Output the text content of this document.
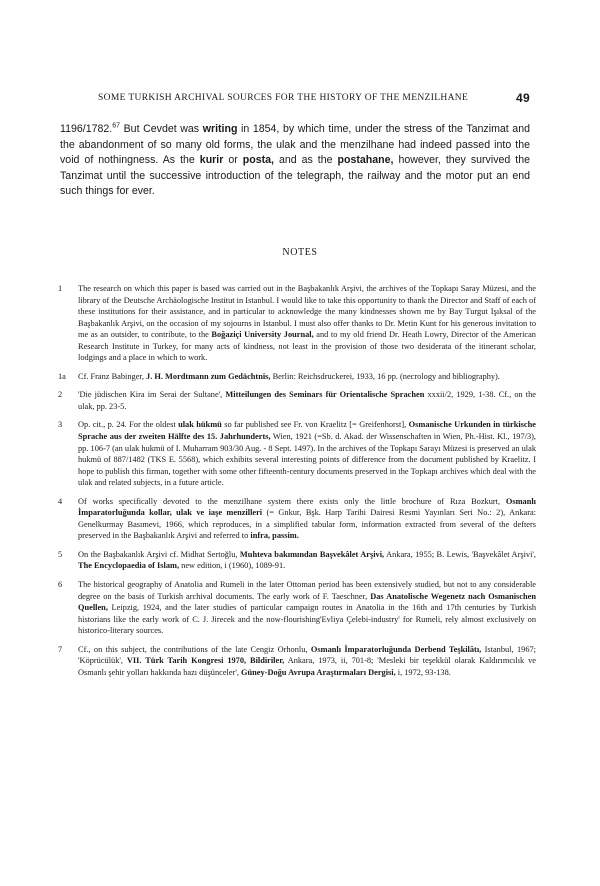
SOME TURKISH ARCHIVAL SOURCES FOR THE HISTORY OF THE MENZILHANE	49

1196/1782.67 But Cevdet was writing in 1854, by which time, under the stress of the Tanzimat and the abandonment of so many old forms, the ulak and the menzilhane had indeed passed into the void of nothingness. As the kurir or posta, and as the postahane, however, they survived the Tanzimat until the successive introduction of the telegraph, the railway and the motor put an end such things for ever.

NOTES
1	The research on which this paper is based was carried out in the Başbakanlık Arşivi, the archives of the Topkapı Saray Müzesi, and the library of the Deutsche Archäologische Institut in Istanbul. I would like to take this opportunity to thank the Director and Staff of each of these institutions for their assistance, and in particular to acknowledge the many kindnesses shown me by Bay Turgut Işıksal of the Başbakanlık Arşivi, on the occasion of my sojourns in Istanbul. I must also offer thanks to Dr. Metin Kunt for his generous invitation to me as an outsider, to contribute, to the Boğaziçi University Journal, and to my old friend Dr. Heath Lowry, Director of the American Research Institute in Turkey, for many acts of kindness, not least in the provision of those two desiderata of the itinerant scholar, lodgings and a place in which to work.
1a	Cf. Franz Babinger, J. H. Mordtmann zum Gedächtnis, Berlin: Reichsdruckerei, 1933, 16 pp. (necrology and bibliography).
2	'Die jüdischen Kira im Serai der Sultane', Mitteilungen des Seminars für Orientalische Sprachen xxxii/2, 1929, 1-38. Cf., on the ulak, pp. 23-5.
3	Op. cit., p. 24. For the oldest ulak hükmü so far published see Fr. von Kraelitz [= Greifenhorst], Osmanische Urkunden in türkische Sprache aus der zweiten Hälfte des 15. Jahrhunderts, Wien, 1921 (=Sb. d. Akad. der Wissenschaften in Wien, Ph.-Hist. Kl., 197/3), pp. 106-7 (an ulak hukmü of I. Muharram 903/30 Aug. - 8 Sept. 1497). In the archives of the Topkapı Sarayı Müzesi is preserved an ulak hukmü of 887/1482 (TKS E. 5568), which exhibits several interesting points of difference from the document published by Kraelitz. I hope to publish this firman, together with some other fifteenth-century documents preserved in the Topkapı archives which deal with the ulak and related subjects, in a future article.
4	Of works specifically devoted to the menzilhane system there exists only the little brochure of Rıza Bozkurt, Osmanlı İmparatorluğunda kollar, ulak ve iaşe menzilleri (= Gnkur, Bşk. Harp Tarihi Dairesi Resmi Yayınları Seri No.: 2), Ankara: Genelkurmay Basımevi, 1966, which reproduces, in a simplified tabular form, information extracted from several of the defters preserved in the Başbakanlık Arşivi and referred to infra, passim.
5	On the Başbakanlık Arşivi cf. Midhat Sertoğlu, Muhteva bakımından Başvekâlet Arşivi, Ankara, 1955; B. Lewis, 'Başvekâlet Arşivi', The Encyclopaedia of Islam, new edition, i (1960), 1089-91.
6	The historical geography of Anatolia and Rumeli in the later Ottoman period has been extensively studied, but not to any considerable degree on the basis of Turkish archival documents. The early work of F. Taeschner, Das Anatolische Wegenetz nach Osmanischen Quellen, Leipzig, 1924, and the later studies of particular campaign routes in Anatolia in the 16th and 17th centuries by Turkish historians like the early work of C. J. Jirecek and the now-flourishing'Evliya Çelebi-industry' for Rumeli, rely almost exclusively on historico-literary sources.
7	Cf., on this subject, the contributions of the late Cengiz Orhonlu, Osmanlı İmparatorluğunda Derbend Teşkilâtı, Istanbul, 1967; 'Köprücülük', VII. Türk Tarih Kongresi 1970, Bildiriler, Ankara, 1973, ii, 701-8; 'Mesleki bir teşekkül olarak Kaldırımcılık ve Osmanlı şehir yolları hakkında bazı düşünceler', Güney-Doğu Avrupa Araştırmaları Dergisi, i, 1972, 93-138.
